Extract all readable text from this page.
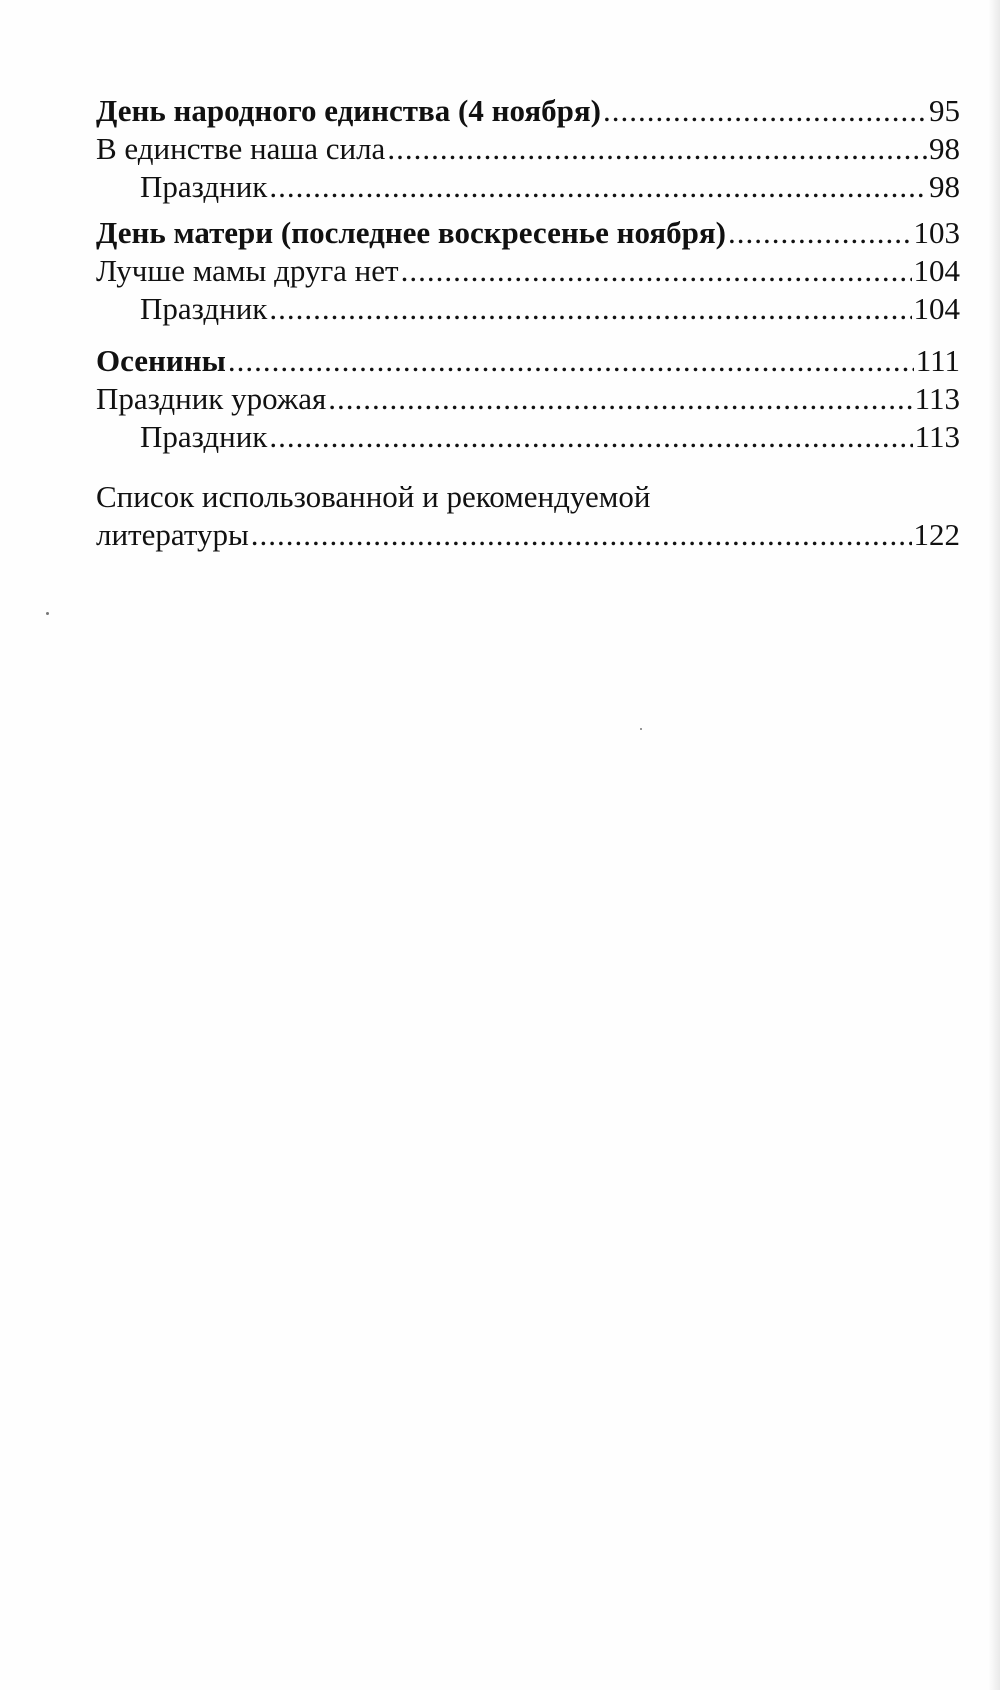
День народного единства (4 ноября) .....	95
В единстве наша сила .....	98
Праздник .....	98
День матери (последнее воскресенье ноября) .....	103
Лучше мамы друга нет .....	104
Праздник .....	104
Осенины .....	111
Праздник урожая .....	113
Праздник .....	113
Список использованной и рекомендуемой
литературы .....	122
